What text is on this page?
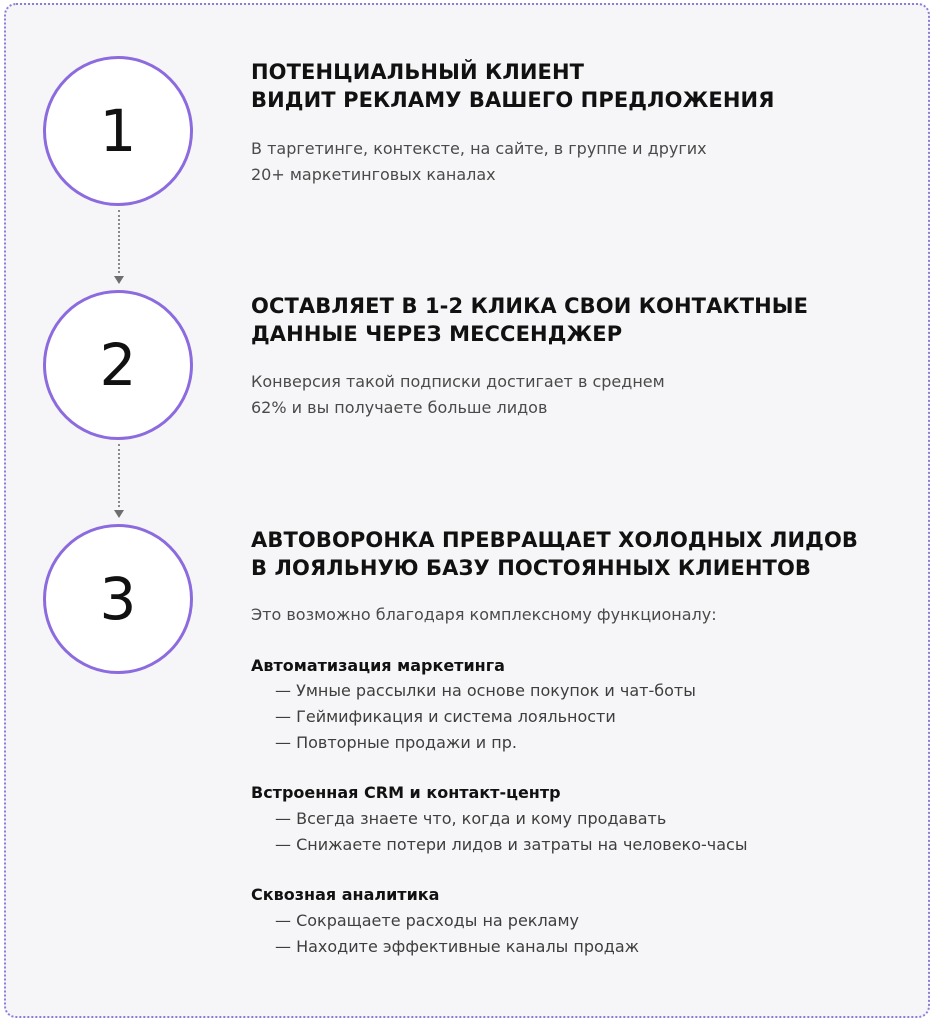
1

ПОТЕНЦИАЛЬНЫЙ КЛИЕНТ
ВИДИТ РЕКЛАМУ ВАШЕГО ПРЕДЛОЖЕНИЯ

В таргетинге, контексте, на сайте, в группе и других
20+ маркетинговых каналах

2

ОСТАВЛЯЕТ В 1-2 КЛИКА СВОИ КОНТАКТНЫЕ
ДАННЫЕ ЧЕРЕЗ МЕССЕНДЖЕР

Конверсия такой подписки достигает в среднем
62% и вы получаете больше лидов

3

АВТОВОРОНКА ПРЕВРАЩАЕТ ХОЛОДНЫХ ЛИДОВ
В ЛОЯЛЬНУЮ БАЗУ ПОСТОЯННЫХ КЛИЕНТОВ

Это возможно благодаря комплексному функционалу:

Автоматизация маркетинга

— Умные рассылки на основе покупок и чат-боты
— Геймификация и система лояльности
— Повторные продажи и пр.

Встроенная CRM и контакт-центр

— Всегда знаете что, когда и кому продавать
— Снижаете потери лидов и затраты на человеко-часы

Сквозная аналитика

— Сокращаете расходы на рекламу
— Находите эффективные каналы продаж
